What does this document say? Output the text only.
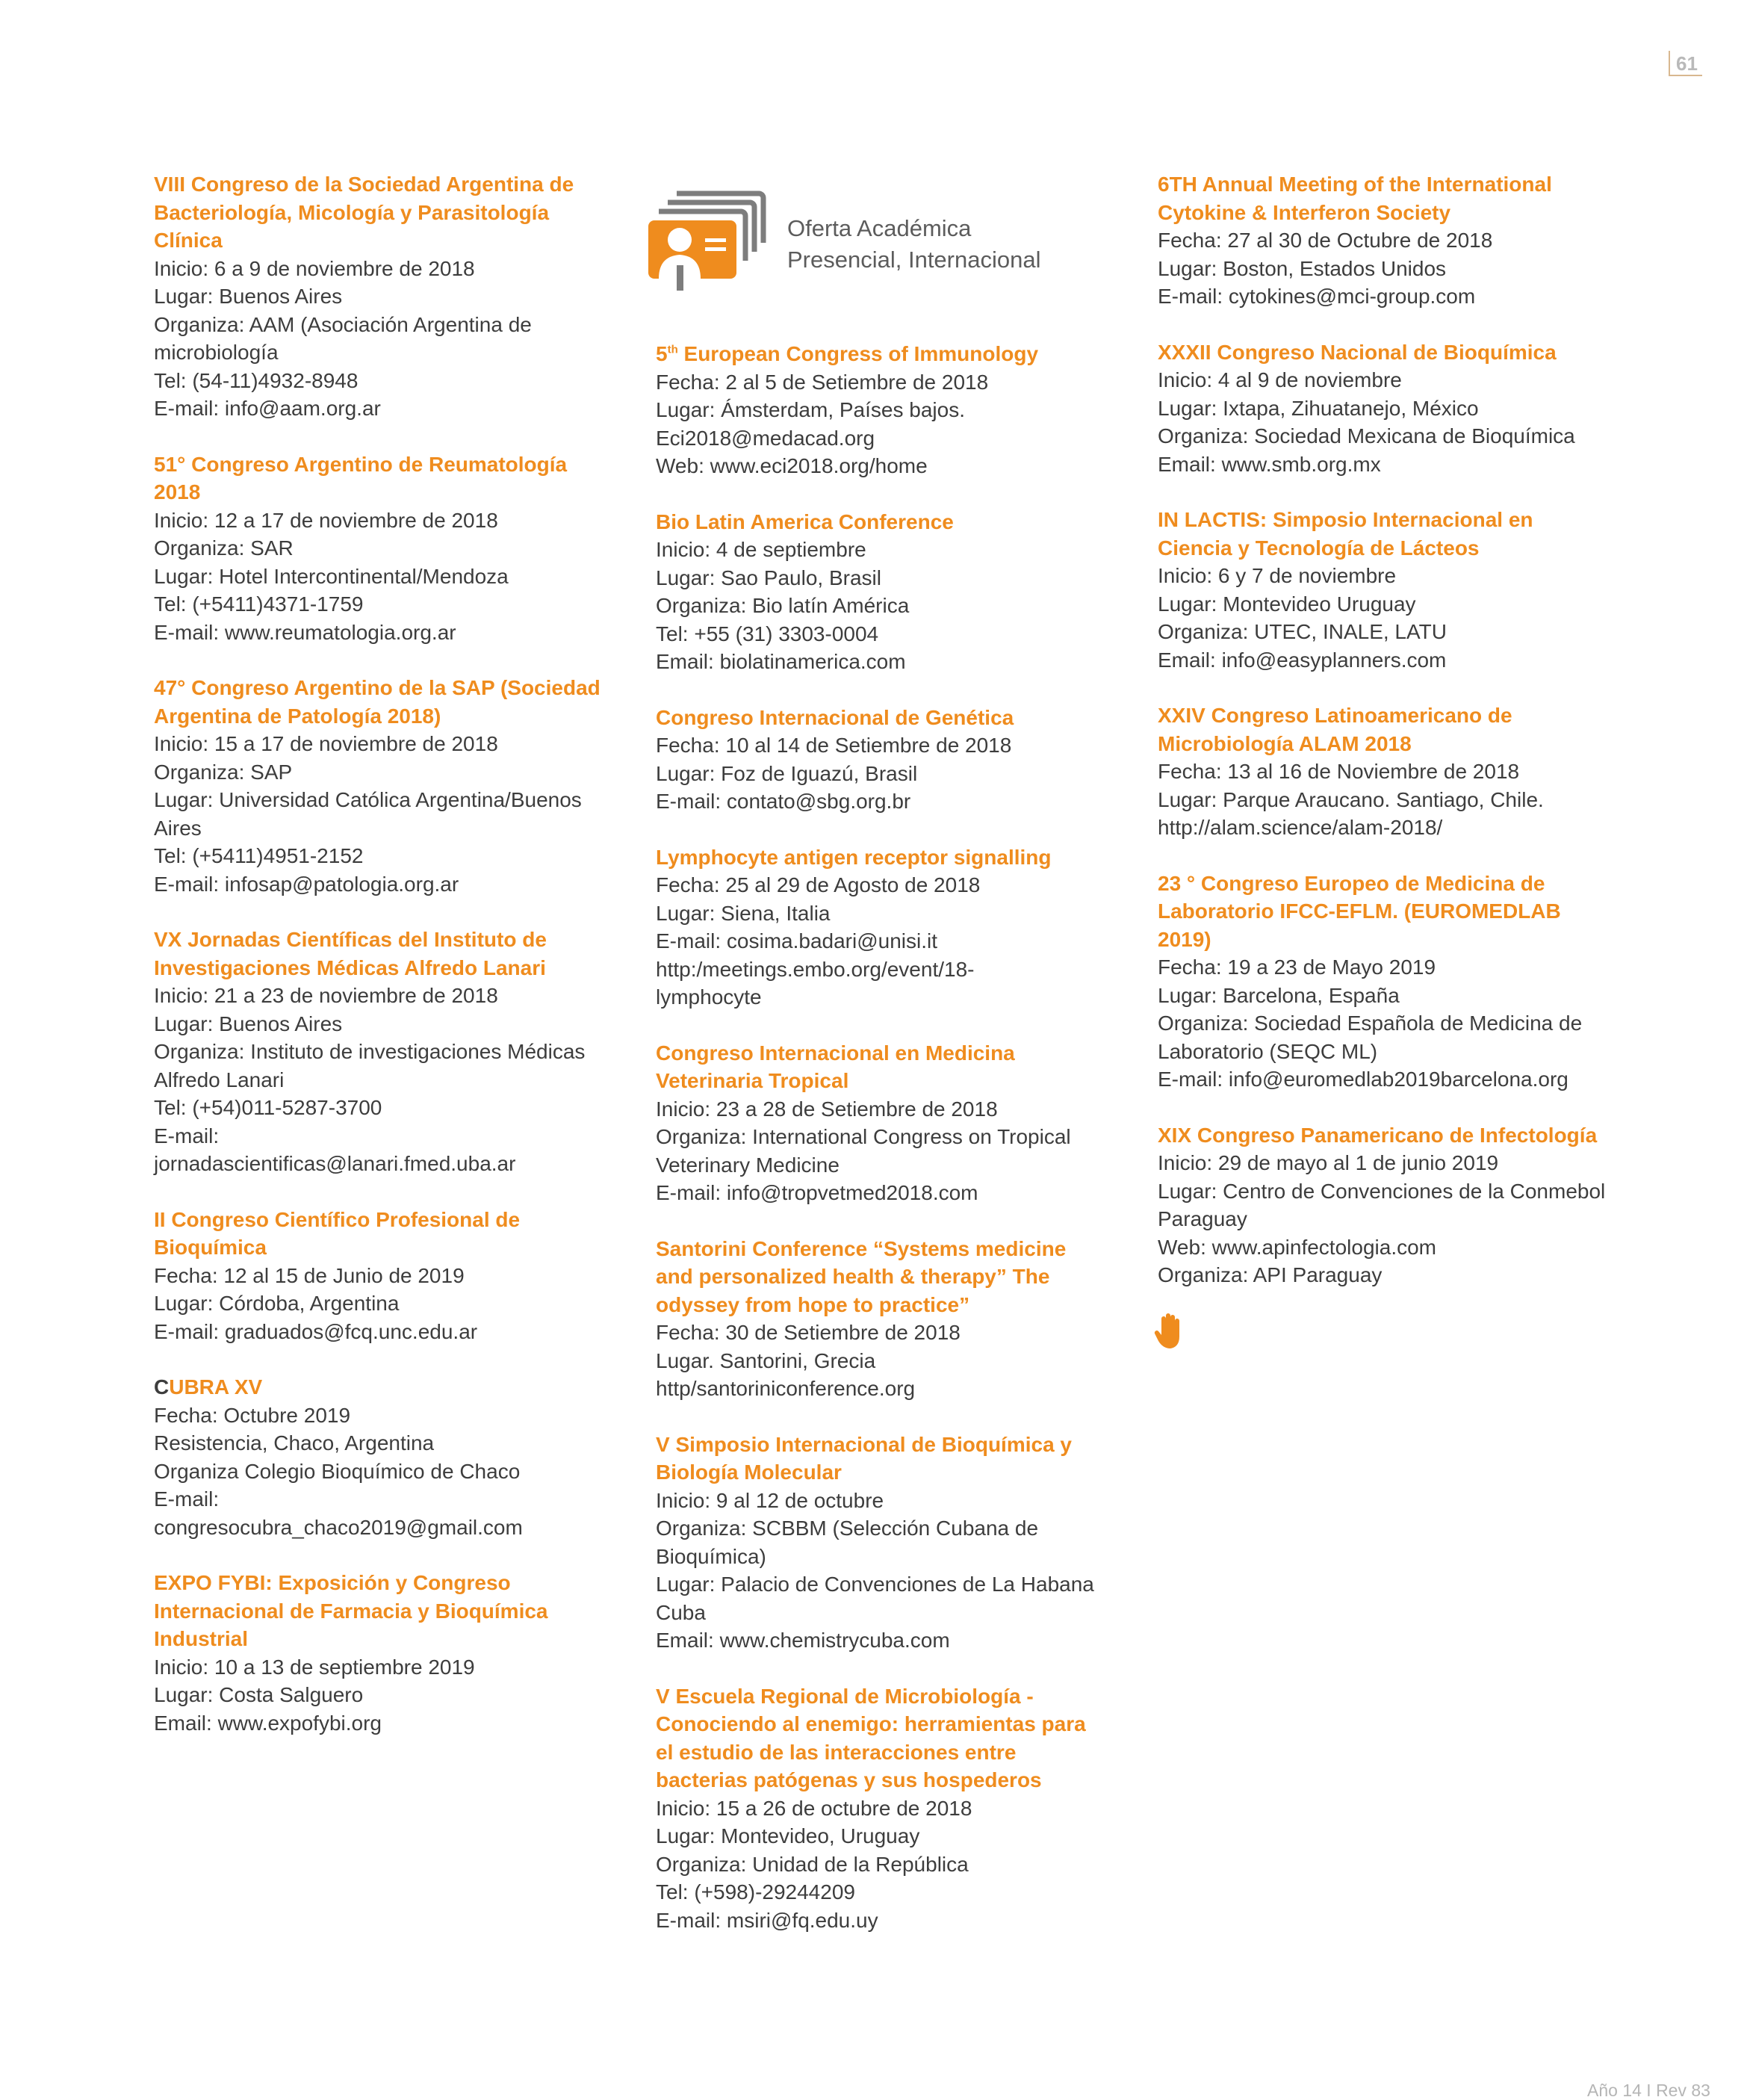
61
Oferta Académica
Presencial, Internacional

VIII Congreso de la Sociedad Argentina de Bacteriología, Micología y Parasitología Clínica

Inicio: 6 a 9 de noviembre de 2018

Lugar: Buenos Aires

Organiza: AAM (Asociación Argentina de microbiología

Tel: (54-11)4932-8948

E-mail: info@aam.org.ar

51° Congreso Argentino de Reumatología 2018

Inicio: 12 a 17 de noviembre de 2018

Organiza: SAR

Lugar: Hotel Intercontinental/Mendoza

Tel: (+5411)4371-1759

E-mail: www.reumatologia.org.ar

47° Congreso Argentino de la SAP (Sociedad Argentina de Patología 2018)

Inicio: 15 a 17 de noviembre de 2018

Organiza: SAP

Lugar: Universidad Católica Argentina/Buenos Aires

Tel: (+5411)4951-2152

E-mail: infosap@patologia.org.ar

VX Jornadas Científicas del Instituto de Investigaciones Médicas Alfredo Lanari

Inicio: 21 a 23 de noviembre de 2018

Lugar: Buenos Aires

Organiza: Instituto de investigaciones Médicas Alfredo Lanari

Tel: (+54)011-5287-3700

E-mail:

jornadascientificas@lanari.fmed.uba.ar

II Congreso Científico Profesional de Bioquímica

Fecha: 12 al 15 de Junio de 2019

Lugar: Córdoba, Argentina

E-mail: graduados@fcq.unc.edu.ar

CUBRA XV

Fecha: Octubre 2019

Resistencia, Chaco, Argentina

Organiza Colegio Bioquímico de Chaco

E-mail:

congresocubra_chaco2019@gmail.com

EXPO FYBI: Exposición y Congreso Internacional de Farmacia y Bioquímica Industrial

Inicio: 10 a 13 de septiembre 2019

Lugar: Costa Salguero

Email: www.expofybi.org

5th European Congress of Immunology

Fecha: 2 al 5 de Setiembre de 2018

Lugar: Ámsterdam, Países bajos.

Eci2018@medacad.org

Web: www.eci2018.org/home

Bio Latin America Conference

Inicio: 4 de septiembre

Lugar: Sao Paulo, Brasil

Organiza: Bio latín América

Tel: +55 (31) 3303-0004

Email: biolatinamerica.com

Congreso Internacional de Genética

Fecha: 10 al 14 de Setiembre de 2018

Lugar: Foz de Iguazú, Brasil

E-mail: contato@sbg.org.br

Lymphocyte antigen receptor signalling

Fecha: 25 al 29 de Agosto de 2018

Lugar: Siena, Italia

E-mail: cosima.badari@unisi.it

http:/meetings.embo.org/event/18-

lymphocyte

Congreso Internacional en Medicina Veterinaria Tropical

Inicio: 23 a 28 de Setiembre de 2018

Organiza: International Congress on Tropical Veterinary Medicine

E-mail: info@tropvetmed2018.com

Santorini Conference “Systems medicine and personalized health & therapy” The odyssey from hope to practice”

Fecha: 30 de Setiembre de 2018

Lugar. Santorini, Grecia

http/santoriniconference.org

V Simposio Internacional de Bioquímica y Biología Molecular

Inicio: 9 al 12 de octubre

Organiza: SCBBM (Selección Cubana de Bioquímica)

Lugar: Palacio de Convenciones de La Habana Cuba

Email: www.chemistrycuba.com

V Escuela Regional de Microbiología - Conociendo al enemigo: herramientas para el estudio de las interacciones entre bacterias patógenas y sus hospederos

Inicio: 15 a 26 de octubre de 2018

Lugar: Montevideo, Uruguay

Organiza: Unidad de la República

Tel: (+598)-29244209

E-mail: msiri@fq.edu.uy

6TH Annual Meeting of the International Cytokine & Interferon Society

Fecha: 27 al 30 de Octubre de 2018

Lugar: Boston, Estados Unidos

E-mail: cytokines@mci-group.com

XXXII Congreso Nacional de Bioquímica

Inicio: 4 al 9 de noviembre

Lugar: Ixtapa, Zihuatanejo, México

Organiza: Sociedad Mexicana de Bioquímica

Email: www.smb.org.mx

IN LACTIS: Simposio Internacional en Ciencia y Tecnología de Lácteos

Inicio: 6 y 7 de noviembre

Lugar: Montevideo Uruguay

Organiza: UTEC, INALE, LATU

Email: info@easyplanners.com

XXIV Congreso Latinoamericano de Microbiología ALAM 2018

Fecha: 13 al 16 de Noviembre de 2018

Lugar: Parque Araucano. Santiago, Chile.

http://alam.science/alam-2018/

23 ° Congreso Europeo de Medicina de Laboratorio IFCC-EFLM. (EUROMEDLAB 2019)

Fecha: 19 a 23 de Mayo 2019

Lugar: Barcelona, España

Organiza: Sociedad Española de Medicina de Laboratorio (SEQC ML)

E-mail: info@euromedlab2019barcelona.org

XIX Congreso Panamericano de Infectología

Inicio: 29 de mayo al 1 de junio 2019

Lugar: Centro de Convenciones de la Conmebol Paraguay

Web: www.apinfectologia.com

Organiza: API Paraguay

Año 14 I Rev 83
